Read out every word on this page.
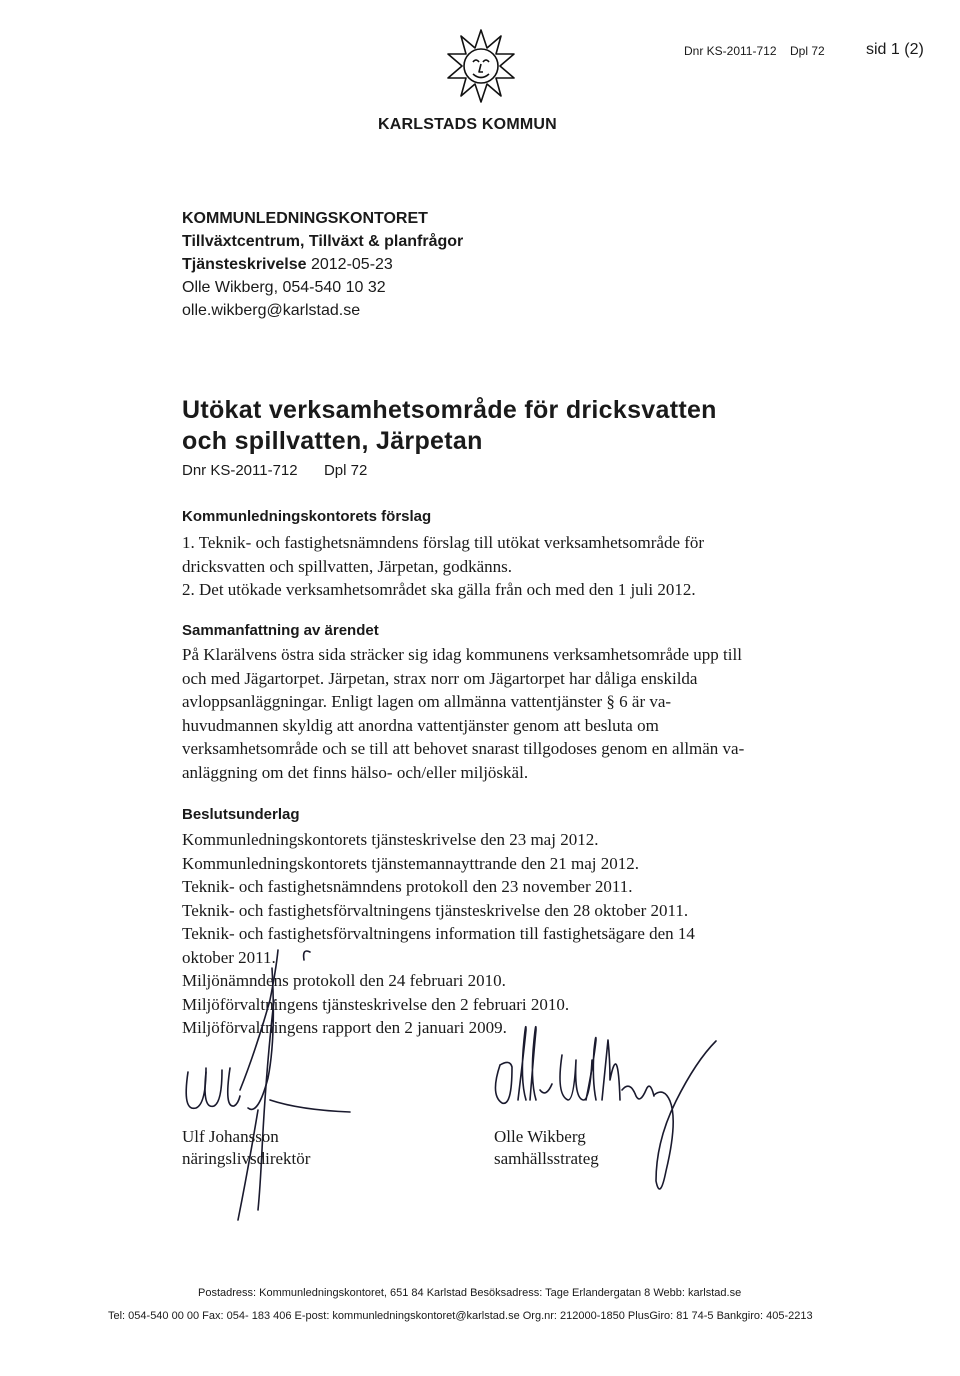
Dnr KS-2011-712 Dpl 72	sid 1 (2)
KARLSTADS KOMMUN
KOMMUNLEDNINGSKONTORET
Tillväxtcentrum, Tillväxt & planfrågor
Tjänsteskrivelse 2012-05-23
Olle Wikberg, 054-540 10 32
olle.wikberg@karlstad.se
Utökat verksamhetsområde för dricksvatten
och spillvatten, Järpetan
Dnr KS-2011-712 Dpl 72
Kommunledningskontorets förslag
1. Teknik- och fastighetsnämndens förslag till utökat verksamhetsområde för
dricksvatten och spillvatten, Järpetan, godkänns.
2. Det utökade verksamhetsområdet ska gälla från och med den 1 juli 2012.
Sammanfattning av ärendet
På Klarälvens östra sida sträcker sig idag kommunens verksamhetsområde upp till
och med Jägartorpet. Järpetan, strax norr om Jägartorpet har dåliga enskilda
avloppsanläggningar. Enligt lagen om allmänna vattentjänster § 6 är va-
huvudmannen skyldig att anordna vattentjänster genom att besluta om
verksamhetsområde och se till att behovet snarast tillgodoses genom en allmän va-
anläggning om det finns hälso- och/eller miljöskäl.
Beslutsunderlag
Kommunledningskontorets tjänsteskrivelse den 23 maj 2012.
Kommunledningskontorets tjänstemannayttrande den 21 maj 2012.
Teknik- och fastighetsnämndens protokoll den 23 november 2011.
Teknik- och fastighetsförvaltningens tjänsteskrivelse den 28 oktober 2011.
Teknik- och fastighetsförvaltningens information till fastighetsägare den 14
oktober 2011.
Miljönämndens protokoll den 24 februari 2010.
Miljöförvaltningens tjänsteskrivelse den 2 februari 2010.
Miljöförvaltningens rapport den 2 januari 2009.
Ulf Johansson
näringslivsdirektör
Olle Wikberg
samhällsstrateg
Postadress: Kommunledningskontoret, 651 84 Karlstad Besöksadress: Tage Erlandergatan 8 Webb: karlstad.se
Tel: 054-540 00 00 Fax: 054- 183 406 E-post: kommunledningskontoret@karlstad.se Org.nr: 212000-1850 PlusGiro: 81 74-5 Bankgiro: 405-2213
